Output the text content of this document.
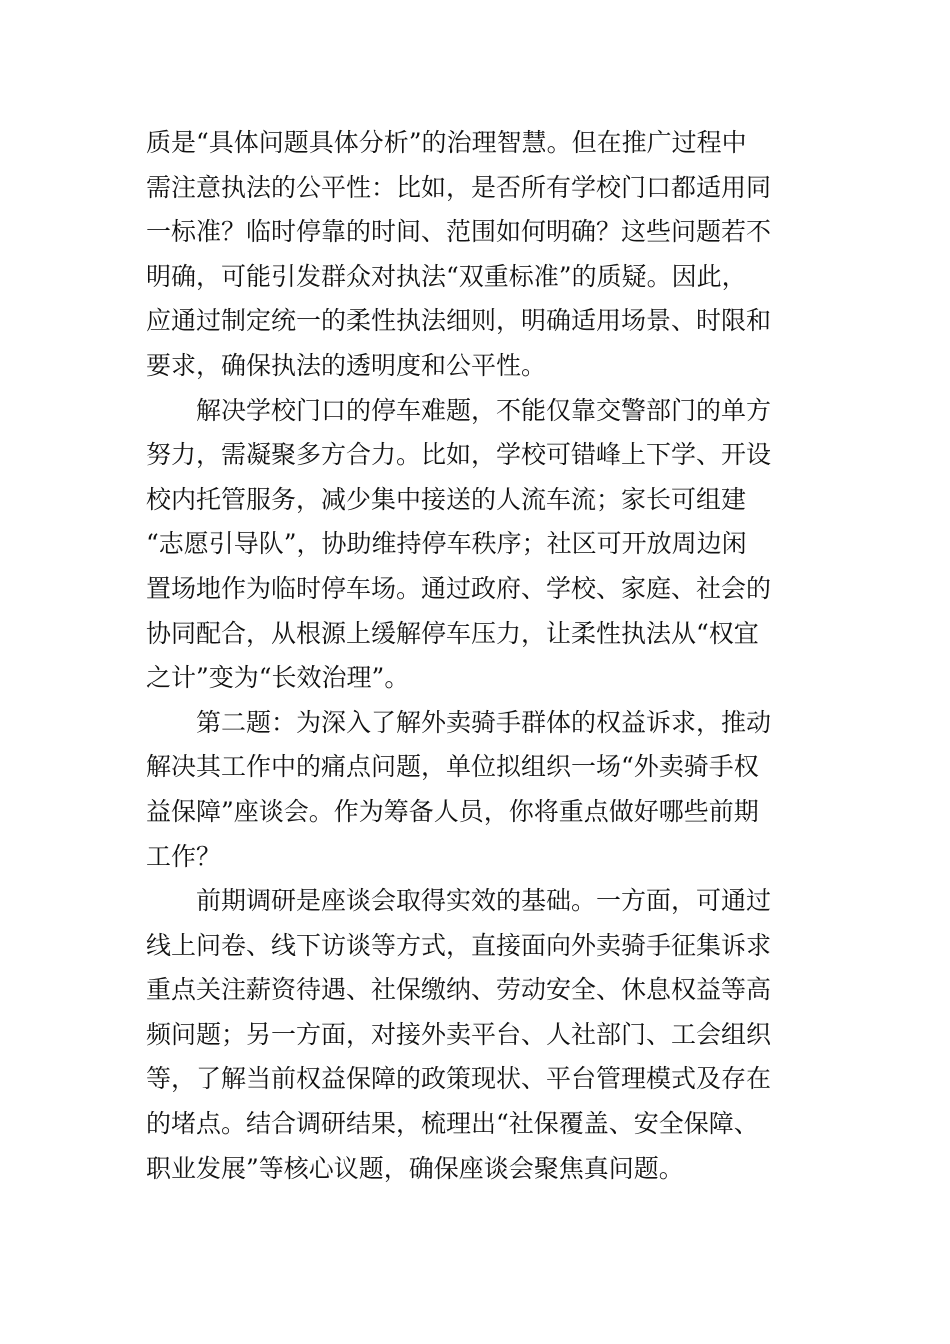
质是“具体问题具体分析”的治理智慧。但在推广过程中
需注意执法的公平性：比如，是否所有学校门口都适用同
一标准？临时停靠的时间、范围如何明确？这些问题若不
明确，可能引发群众对执法“双重标准”的质疑。因此，
应通过制定统一的柔性执法细则，明确适用场景、时限和
要求，确保执法的透明度和公平性。

解决学校门口的停车难题，不能仅靠交警部门的单方
努力，需凝聚多方合力。比如，学校可错峰上下学、开设
校内托管服务，减少集中接送的人流车流；家长可组建
“志愿引导队”，协助维持停车秩序；社区可开放周边闲
置场地作为临时停车场。通过政府、学校、家庭、社会的
协同配合，从根源上缓解停车压力，让柔性执法从“权宜
之计”变为“长效治理”。

第二题：为深入了解外卖骑手群体的权益诉求，推动
解决其工作中的痛点问题，单位拟组织一场“外卖骑手权
益保障”座谈会。作为筹备人员，你将重点做好哪些前期
工作？

前期调研是座谈会取得实效的基础。一方面，可通过
线上问卷、线下访谈等方式，直接面向外卖骑手征集诉求
重点关注薪资待遇、社保缴纳、劳动安全、休息权益等高
频问题；另一方面，对接外卖平台、人社部门、工会组织
等，了解当前权益保障的政策现状、平台管理模式及存在
的堵点。结合调研结果，梳理出“社保覆盖、安全保障、
职业发展”等核心议题，确保座谈会聚焦真问题。
